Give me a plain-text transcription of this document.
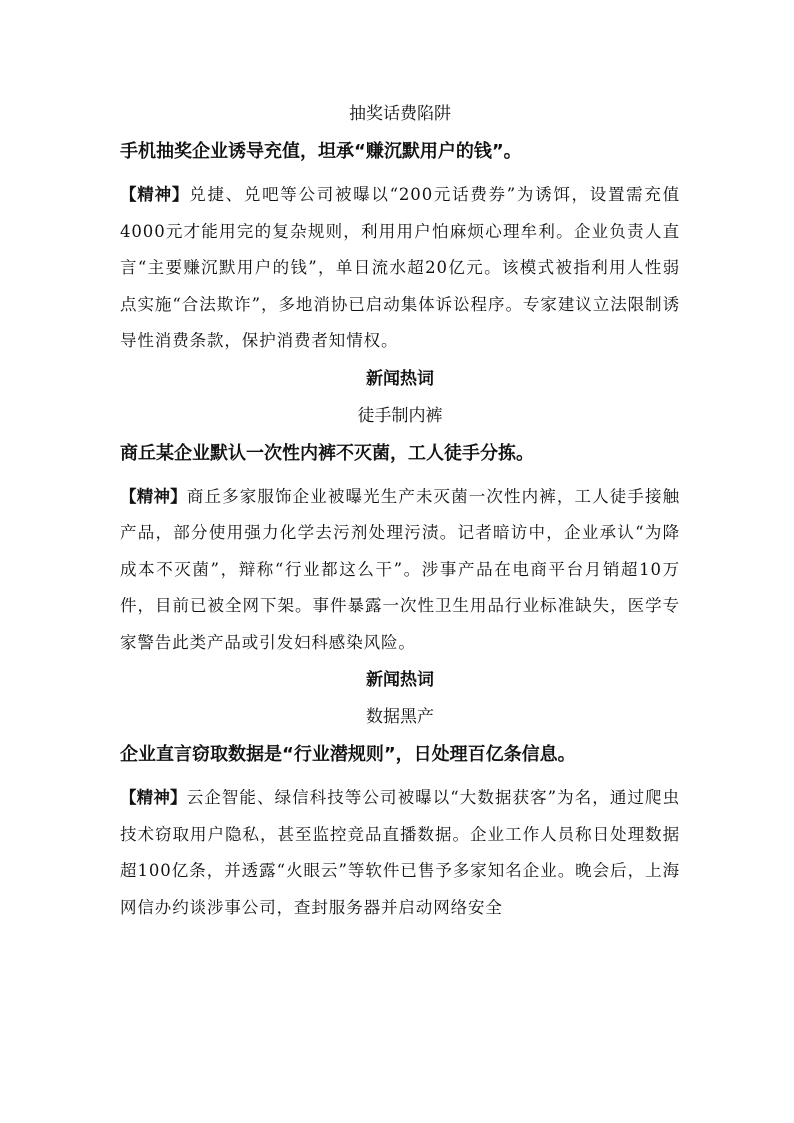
抽奖话费陷阱
手机抽奖企业诱导充值，坦承“赚沉默用户的钱”。

【精神】兑捷、兑吧等公司被曝以“200元话费券”为诱饵，设置需充值4000元才能用完的复杂规则，利用用户怕麻烦心理牟利。企业负责人直言“主要赚沉默用户的钱”，单日流水超20亿元。该模式被指利用人性弱点实施“合法欺诈”，多地消协已启动集体诉讼程序。专家建议立法限制诱导性消费条款，保护消费者知情权。

新闻热词
徒手制内裤
商丘某企业默认一次性内裤不灭菌，工人徒手分拣。

【精神】商丘多家服饰企业被曝光生产未灭菌一次性内裤，工人徒手接触产品，部分使用强力化学去污剂处理污渍。记者暗访中，企业承认“为降成本不灭菌”，辩称“行业都这么干”。涉事产品在电商平台月销超10万件，目前已被全网下架。事件暴露一次性卫生用品行业标准缺失，医学专家警告此类产品或引发妇科感染风险。

新闻热词
数据黑产
企业直言窃取数据是“行业潜规则”，日处理百亿条信息。

【精神】云企智能、绿信科技等公司被曝以“大数据获客”为名，通过爬虫技术窃取用户隐私，甚至监控竞品直播数据。企业工作人员称日处理数据超100亿条，并透露“火眼云”等软件已售予多家知名企业。晚会后，上海网信办约谈涉事公司，查封服务器并启动网络安全
